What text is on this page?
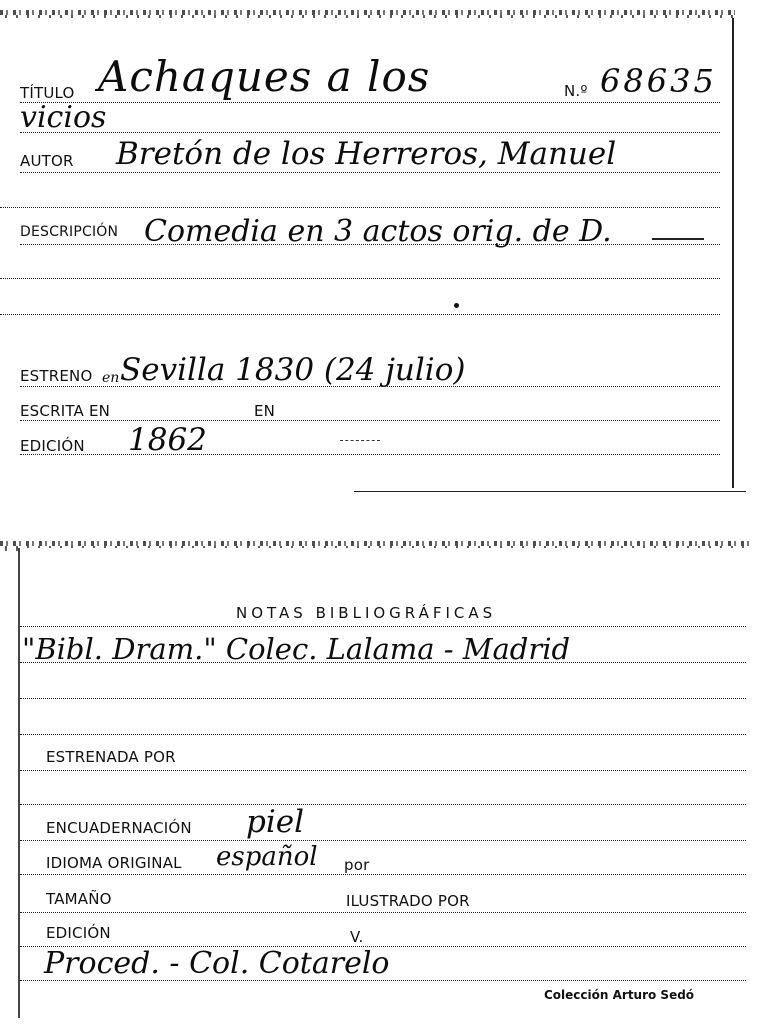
TÍTULO Achaques a los	N.º 68635
vicios
AUTOR Bretón de los Herreros, Manuel
DESCRIPCIÓN Comedia en 3 actos orig. de D.
ESTRENO en Sevilla 1830 (24 julio)
ESCRITA EN	EN
EDICIÓN 1862
NOTAS BIBLIOGRÁFICAS
"Bibl. Dram." Colec. Lalama - Madrid
ESTRENADA POR
ENCUADERNACIÓN piel
IDIOMA ORIGINAL español por
TAMAÑO	ILUSTRADO POR
EDICIÓN	V.
Proced. - Col. Cotarelo
Colección Arturo Sedó
